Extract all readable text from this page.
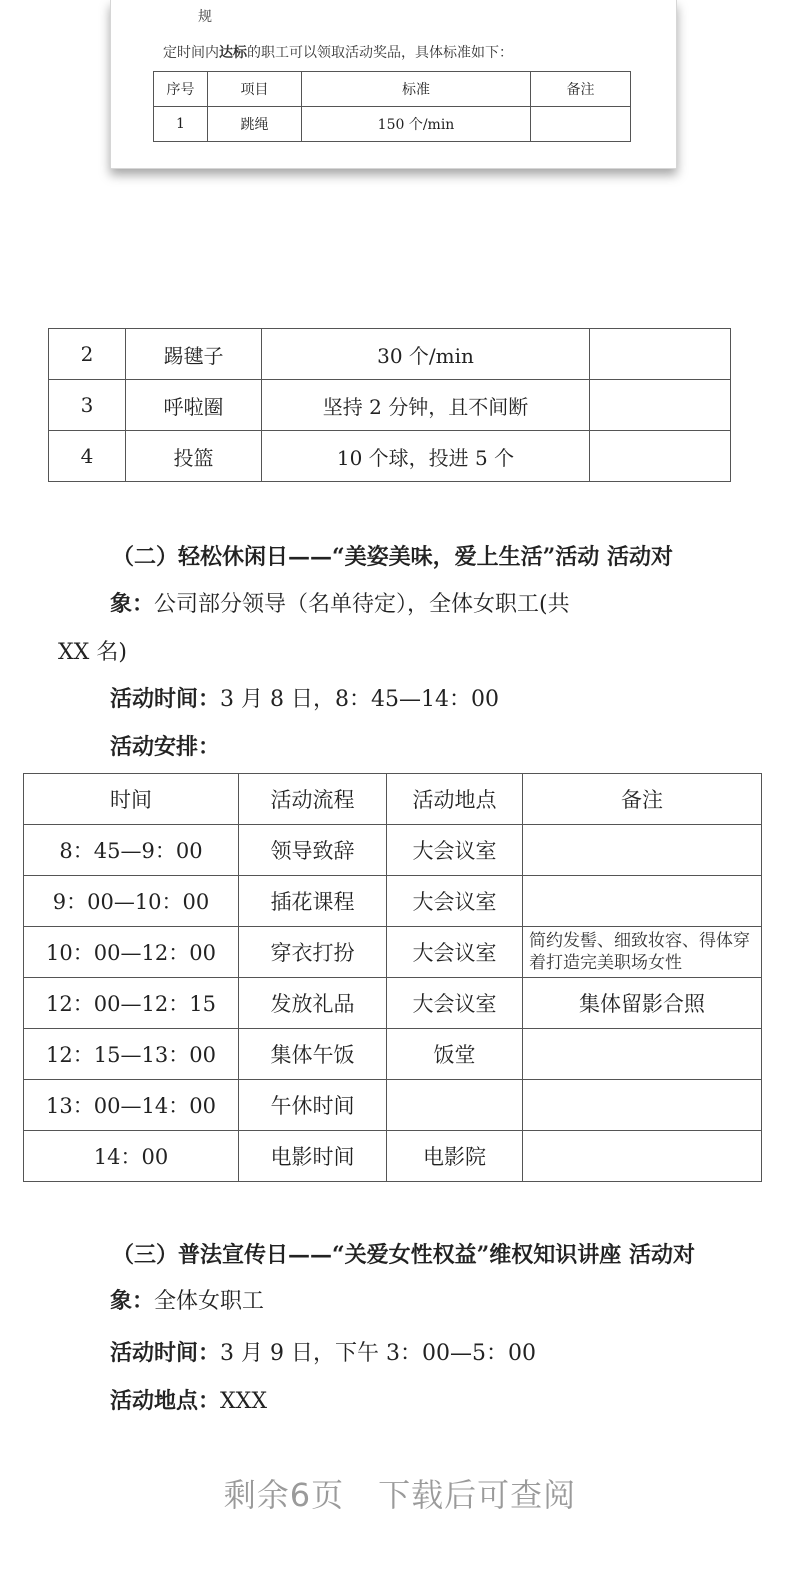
规
定时间内达标的职工可以领取活动奖品，具体标准如下：
序号	项目	标准	备注
1	跳绳	150 个/min	
2	踢毽子	30 个/min	
3	呼啦圈	坚持 2 分钟，且不间断	
4	投篮	10 个球，投进 5 个	
（二）轻松休闲日——“美姿美味，爱上生活”活动 活动对
象：公司部分领导（名单待定），全体女职工(共
XX 名)
活动时间：3 月 8 日，8：45—14：00
活动安排：
时间	活动流程	活动地点	备注
8：45—9：00	领导致辞	大会议室	
9：00—10：00	插花课程	大会议室	
10：00—12：00	穿衣打扮	大会议室	简约发髻、细致妆容、得体穿着打造完美职场女性
12：00—12：15	发放礼品	大会议室	集体留影合照
12：15—13：00	集体午饭	饭堂	
13：00—14：00	午休时间		
14：00	电影时间	电影院	
（三）普法宣传日——“关爱女性权益”维权知识讲座 活动对
象：全体女职工
活动时间：3 月 9 日，下午 3：00—5：00
活动地点：XXX
剩余6页 下载后可查阅
